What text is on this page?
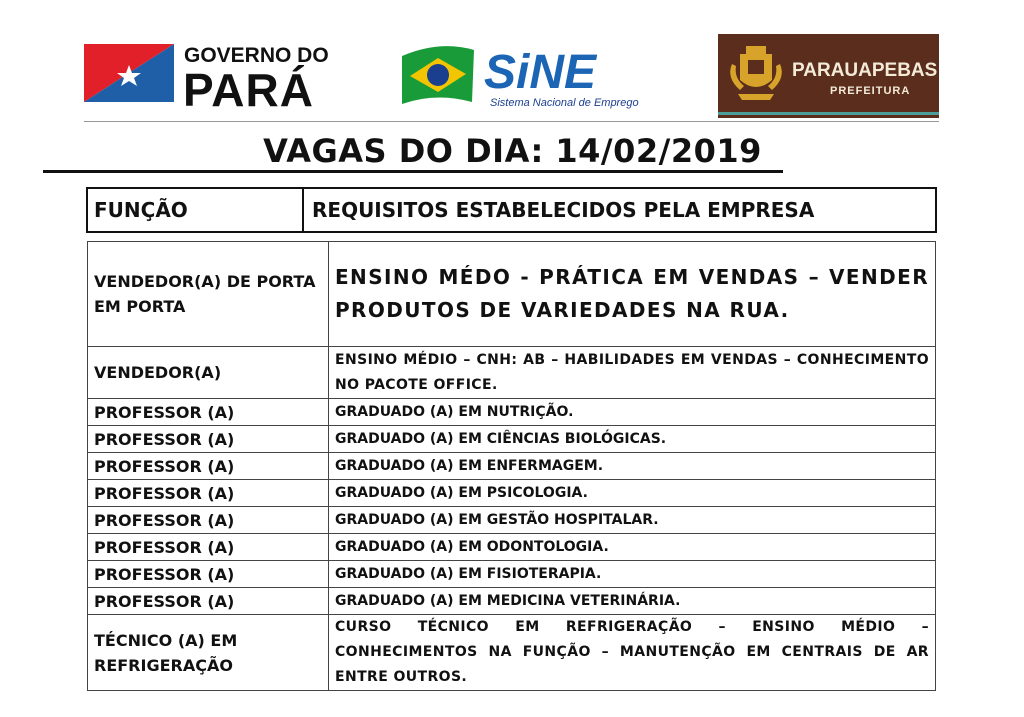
GOVERNO DO
PARÁ	SiNE
Sistema Nacional de Emprego
PARAUAPEBAS
PREFEITURA
VAGAS DO DIA: 14/02/2019
FUNÇÃO	REQUISITOS ESTABELECIDOS PELA EMPRESA
VENDEDOR(A) DE PORTA EM PORTA	ENSINO MÉDO - PRÁTICA EM VENDAS – VENDER PRODUTOS DE VARIEDADES NA RUA.
VENDEDOR(A)	ENSINO MÉDIO – CNH: AB – HABILIDADES EM VENDAS – CONHECIMENTO NO PACOTE OFFICE.
PROFESSOR (A)	GRADUADO (A) EM NUTRIÇÃO.
PROFESSOR (A)	GRADUADO (A) EM CIÊNCIAS BIOLÓGICAS.
PROFESSOR (A)	GRADUADO (A) EM ENFERMAGEM.
PROFESSOR (A)	GRADUADO (A) EM PSICOLOGIA.
PROFESSOR (A)	GRADUADO (A) EM GESTÃO HOSPITALAR.
PROFESSOR (A)	GRADUADO (A) EM ODONTOLOGIA.
PROFESSOR (A)	GRADUADO (A) EM FISIOTERAPIA.
PROFESSOR (A)	GRADUADO (A) EM MEDICINA VETERINÁRIA.
TÉCNICO (A) EM REFRIGERAÇÃO	CURSO TÉCNICO EM REFRIGERAÇÃO – ENSINO MÉDIO – CONHECIMENTOS NA FUNÇÃO – MANUTENÇÃO EM CENTRAIS DE AR ENTRE OUTROS.
